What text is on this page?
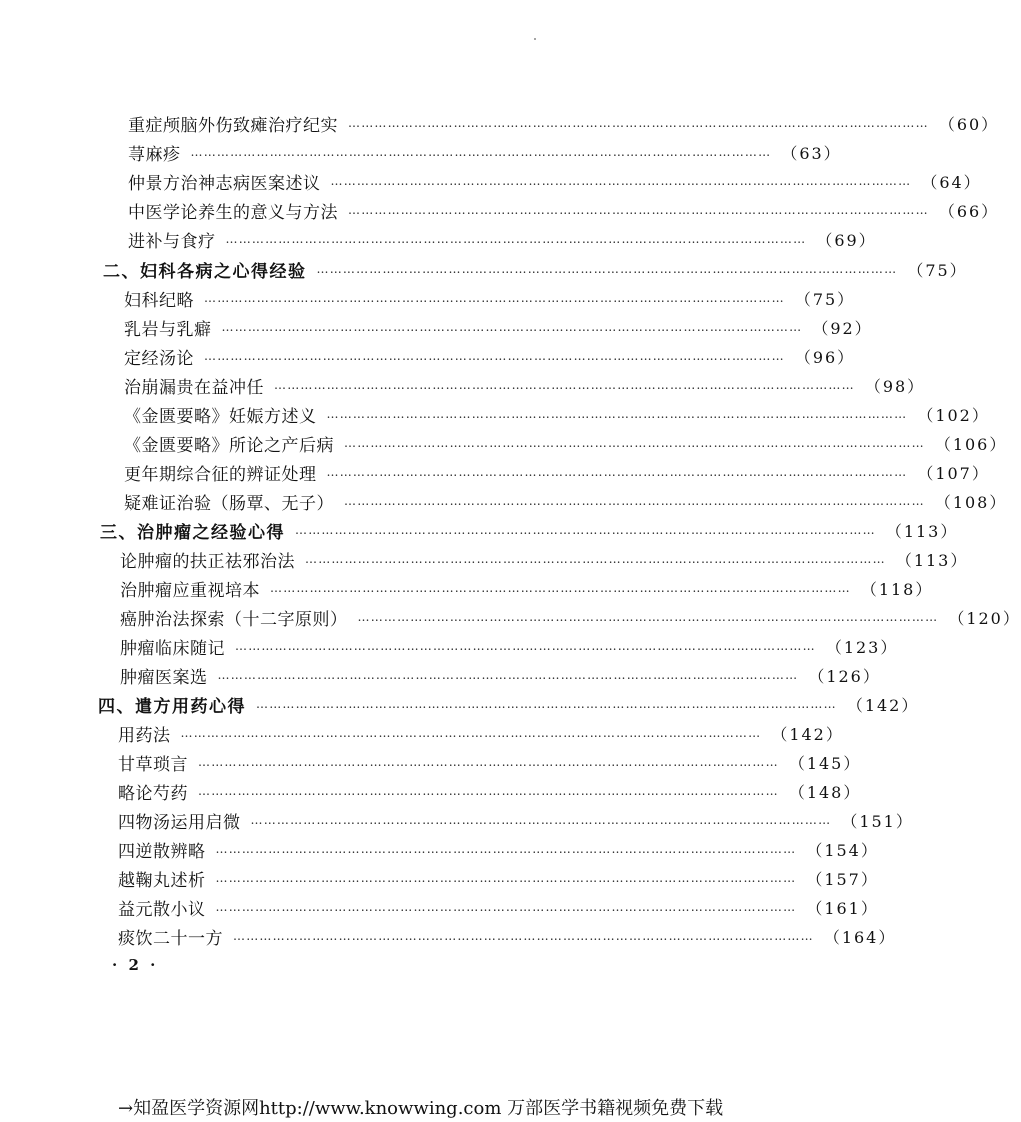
重症颅脑外伤致瘫治疗纪实 …………………………………………………………………………………………………………………… （60）
荨麻疹 …………………………………………………………………………………………………………………… （63）
仲景方治神志病医案述议 …………………………………………………………………………………………………………………… （64）
中医学论养生的意义与方法 …………………………………………………………………………………………………………………… （66）
进补与食疗 …………………………………………………………………………………………………………………… （69）
二、妇科各病之心得经验 …………………………………………………………………………………………………………………… （75）
妇科纪略 …………………………………………………………………………………………………………………… （75）
乳岩与乳癖 …………………………………………………………………………………………………………………… （92）
定经汤论 …………………………………………………………………………………………………………………… （96）
治崩漏贵在益冲任 …………………………………………………………………………………………………………………… （98）
《金匮要略》妊娠方述义 …………………………………………………………………………………………………………………… （102）
《金匮要略》所论之产后病 …………………………………………………………………………………………………………………… （106）
更年期综合征的辨证处理 …………………………………………………………………………………………………………………… （107）
疑难证治验（肠覃、无子） …………………………………………………………………………………………………………………… （108）
三、治肿瘤之经验心得 …………………………………………………………………………………………………………………… （113）
论肿瘤的扶正祛邪治法 …………………………………………………………………………………………………………………… （113）
治肿瘤应重视培本 …………………………………………………………………………………………………………………… （118）
癌肿治法探索（十二字原则） …………………………………………………………………………………………………………………… （120）
肿瘤临床随记 …………………………………………………………………………………………………………………… （123）
肿瘤医案选 …………………………………………………………………………………………………………………… （126）
四、遣方用药心得 …………………………………………………………………………………………………………………… （142）
用药法 …………………………………………………………………………………………………………………… （142）
甘草琐言 …………………………………………………………………………………………………………………… （145）
略论芍药 …………………………………………………………………………………………………………………… （148）
四物汤运用启微 …………………………………………………………………………………………………………………… （151）
四逆散辨略 …………………………………………………………………………………………………………………… （154）
越鞠丸述析 …………………………………………………………………………………………………………………… （157）
益元散小议 …………………………………………………………………………………………………………………… （161）
痰饮二十一方 …………………………………………………………………………………………………………………… （164）
· 2 ·
→知盈医学资源网http://www.knowwing.com 万部医学书籍视频免费下载
